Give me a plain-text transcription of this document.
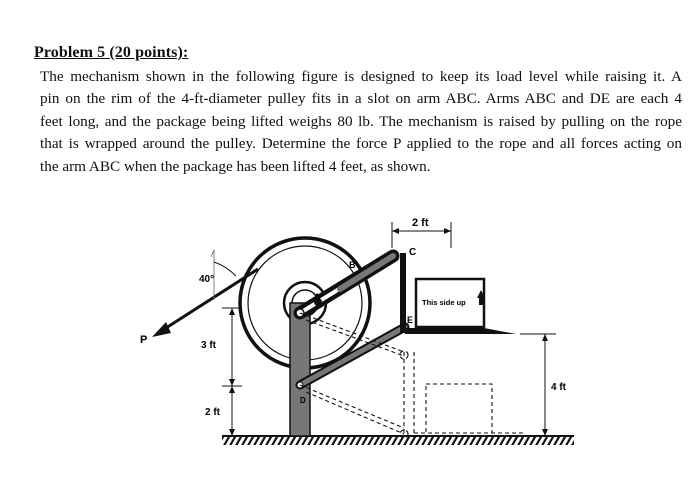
Problem 5 (20 points):
The mechanism shown in the following figure is designed to keep its load level while raising it. A
pin on the rim of the 4-ft-diameter pulley fits in a slot on arm ABC. Arms ABC and DE are each 4
feet long, and the package being lifted weighs 80 lb. The mechanism is raised by pulling on the rope
that is wrapped around the pulley. Determine the force P applied to the rope and all forces acting on
the arm ABC when the package has been lifted 4 feet, as shown.
2 ft
C
B
A
E
D
P
40°
3 ft
2 ft
4 ft
This side up
